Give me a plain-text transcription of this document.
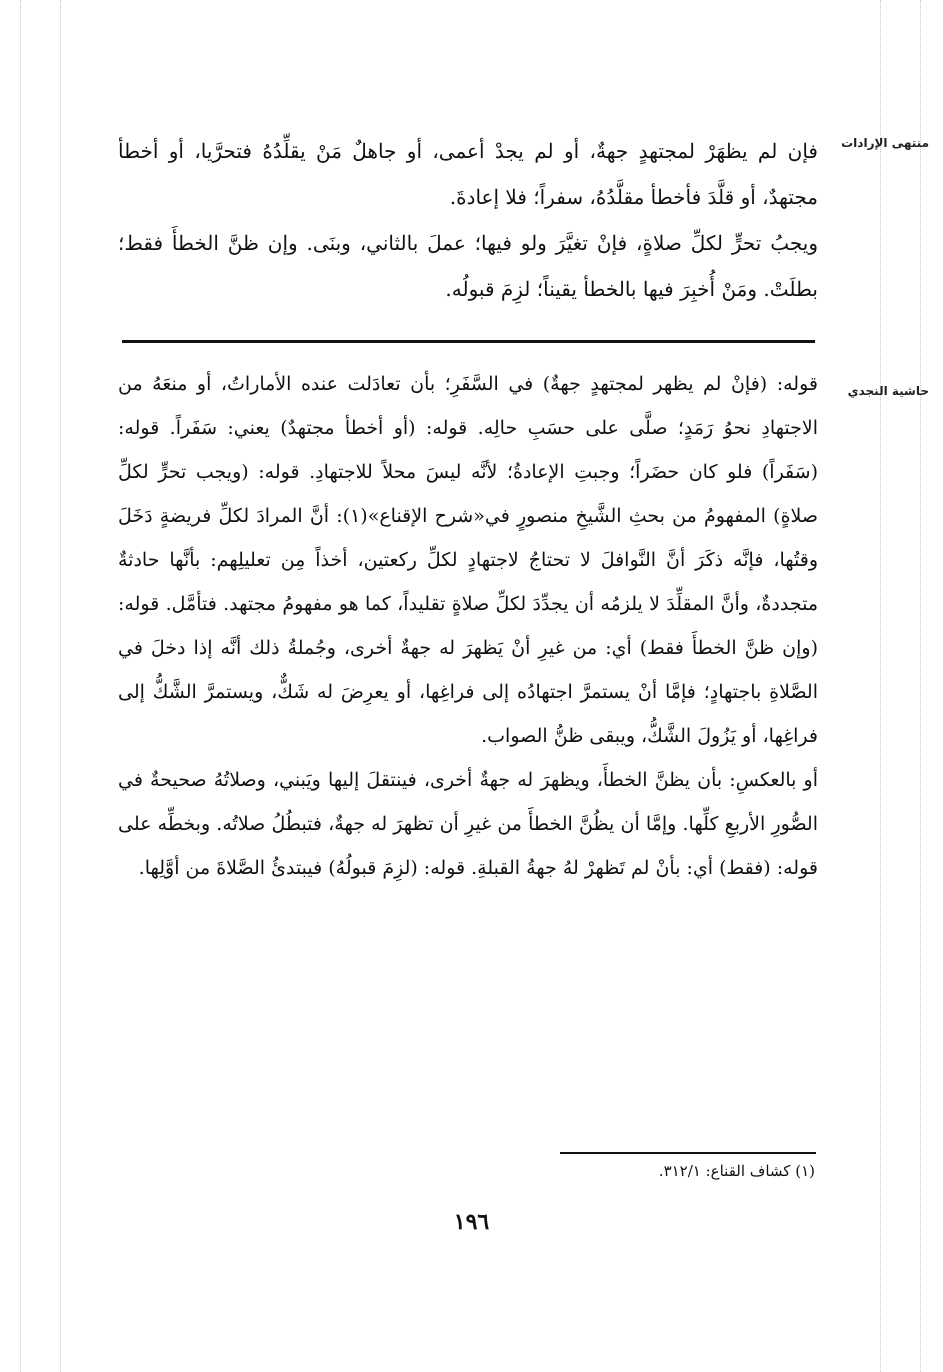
منتهى الإرادات

فإن لم يظهَرْ لمجتهدٍ جهةٌ، أو لم يجدْ أعمى، أو جاهلٌ مَنْ يقلِّدُهُ فتحرَّيا، أو أخطأ مجتهدٌ، أو قلَّدَ فأخطأ مقلَّدُهُ، سفراً؛ فلا إعادةَ.

ويجبُ تحرٍّ لكلِّ صلاةٍ، فإنْ تغيَّرَ ولو فيها؛ عملَ بالثاني، وبنَى. وإن ظنَّ الخطأَ فقط؛ بطلَتْ. ومَنْ أُخبِرَ فيها بالخطأ يقيناً؛ لزِمَ قبولُه.

حاشية النجدي

قوله: (فإنْ لم يظهر لمجتهدٍ جهةٌ) في السَّفَرِ؛ بأن تعادَلت عنده الأماراتُ، أو منعَهُ من الاجتهادِ نحوُ رَمَدٍ؛ صلَّى على حسَبِ حالِه. قوله: (أو أخطأ مجتهدٌ) يعني: سَفَراً. قوله: (سَفَراً) فلو كان حضَراً؛ وجبتِ الإعادةُ؛ لأنَّه ليسَ محلاً للاجتهادِ. قوله: (ويجب تحرٍّ لكلِّ صلاةٍ) المفهومُ من بحثِ الشَّيخِ منصورٍ في«شرح الإقناع»(١): أنَّ المرادَ لكلِّ فريضةٍ دَخَلَ وقتُها، فإنَّه ذكَرَ أنَّ النَّوافلَ لا تحتاجُ لاجتهادٍ لكلِّ ركعتين، أخذاً مِن تعليلِهم: بأنَّها حادثةٌ متجددةٌ، وأنَّ المقلِّدَ لا يلزمُه أن يجدِّدَ لكلِّ صلاةٍ تقليداً، كما هو مفهومُ مجتهد. فتأمَّل. قوله: (وإن ظنَّ الخطأَ فقط) أي: من غيرِ أنْ يَظهرَ له جهةٌ أخرى، وجُملةُ ذلك أنَّه إذا دخلَ في الصَّلاةِ باجتهادٍ؛ فإمَّا أنْ يستمرَّ اجتهادُه إلى فراغِها، أو يعرِضَ له شَكٌّ، ويستمرَّ الشَّكُّ إلى فراغِها، أو يَزُولَ الشَّكُّ، ويبقى ظنُّ الصواب.

أو بالعكسِ: بأن يظنَّ الخطأَ، ويظهرَ له جهةٌ أخرى، فينتقلَ إليها ويَبني، وصلاتُهُ صحيحةٌ في الصُّورِ الأربعِ كلِّها. وإمَّا أن يظُنَّ الخطأَ من غيرِ أن تظهرَ له جهةٌ، فتبطُلُ صلاتُه. وبخطِّه على قوله: (فقط) أي: بأنْ لم تَظهرْ لهُ جهةُ القبلةِ. قوله: (لزِمَ قبولُهُ) فيبتدئُ الصَّلاةَ من أوَّلِها.

(١) كشاف القناع: ٣١٢/١.
١٩٦
